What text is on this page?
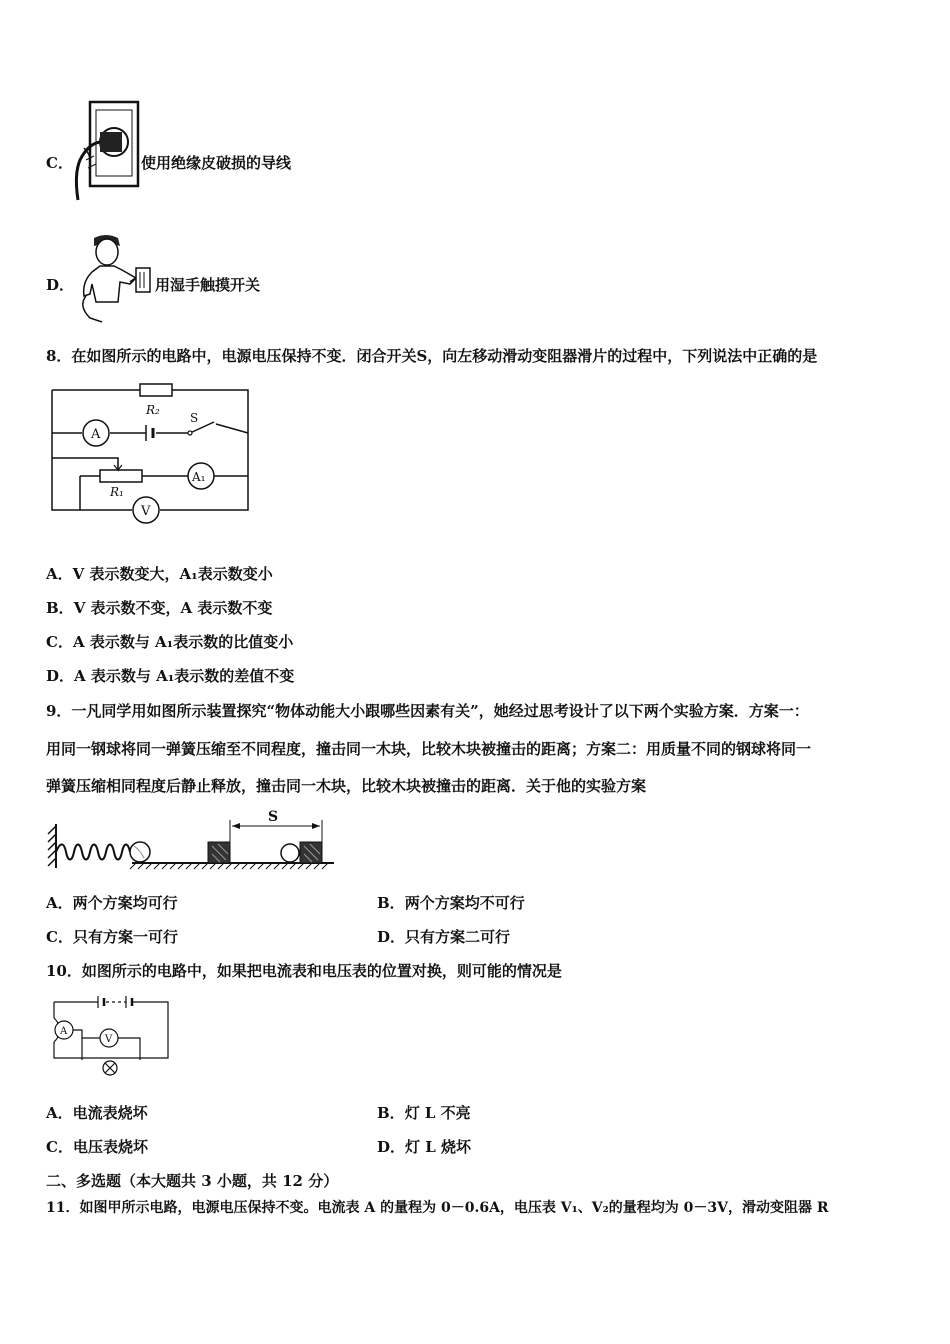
C．	使用绝缘皮破损的导线
D．	用湿手触摸开关
8．在如图所示的电路中，电源电压保持不变．闭合开关S，向左移动滑动变阻器滑片的过程中，下列说法中正确的是
R₂
S
A
R₁
A₁
V
A．V 表示数变大，A₁表示数变小
B．V 表示数不变，A 表示数不变
C．A 表示数与 A₁表示数的比值变小
D．A 表示数与 A₁表示数的差值不变
9．一凡同学用如图所示装置探究“物体动能大小跟哪些因素有关”，她经过思考设计了以下两个实验方案．方案一：
用同一钢球将同一弹簧压缩至不同程度，撞击同一木块，比较木块被撞击的距离；方案二：用质量不同的钢球将同一
弹簧压缩相同程度后静止释放，撞击同一木块，比较木块被撞击的距离．关于他的实验方案
S
A．两个方案均可行	B．两个方案均不可行
C．只有方案一可行	D．只有方案二可行
10．如图所示的电路中，如果把电流表和电压表的位置对换，则可能的情况是
A
V
A．电流表烧坏	B．灯 L 不亮
C．电压表烧坏	D．灯 L 烧坏
二、多选题（本大题共 3 小题，共 12 分）
11．如图甲所示电路，电源电压保持不变。电流表 A 的量程为 0－0.6A，电压表 V₁、V₂的量程均为 0－3V，滑动变阻器 R
